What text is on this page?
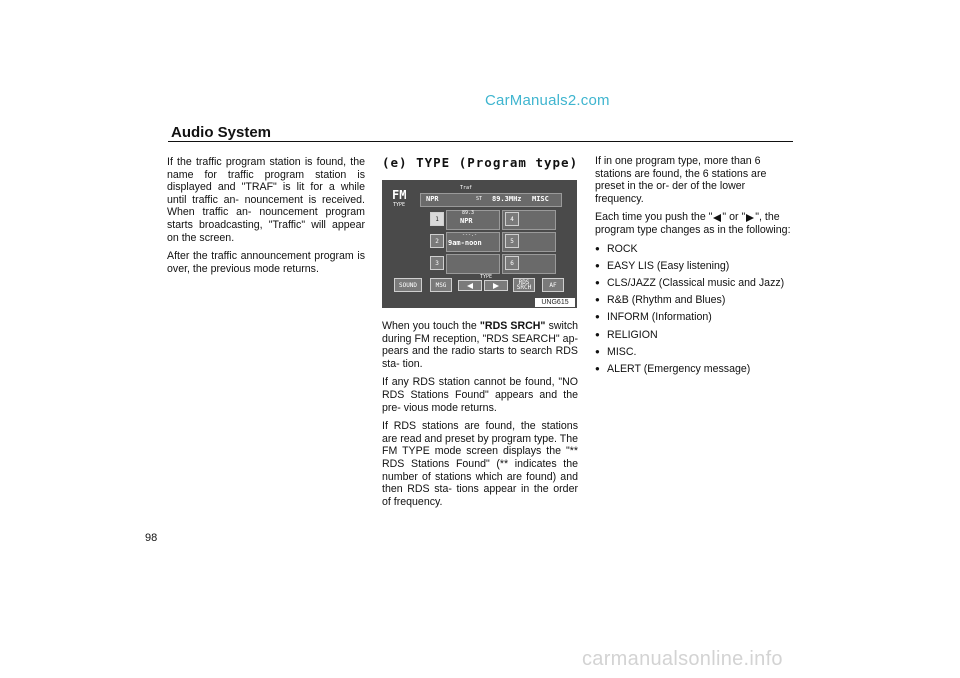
CarManuals2.com
Audio System

If the traffic program station is found, the name for traffic program station is displayed and "TRAF" is lit for a while until traffic an- nouncement is received. When traffic an- nouncement program starts broadcasting, "Traffic" will appear on the screen.

After the traffic announcement program is over, the previous mode returns.

(e) TYPE (Program type)
FM
TYPE
Traf
NPR	ST 89.3MHz MISC
1
2
3
89.3
NPR
---.-
9am-noon
4
5
6
TYPE
SOUND	MSG	RDS
SRCH	AF
UNG615

When you touch the "RDS SRCH" switch during FM reception, "RDS SEARCH" ap- pears and the radio starts to search RDS sta- tion.

If any RDS station cannot be found, "NO RDS Stations Found" appears and the pre- vious mode returns.

If RDS stations are found, the stations are read and preset by program type. The FM TYPE mode screen displays the "** RDS Stations Found" (** indicates the number of stations which are found) and then RDS sta- tions appear in the order of frequency.

If in one program type, more than 6 stations are found, the 6 stations are preset in the or- der of the lower frequency.

Each time you push the " " or " ", the program type changes as in the following:

● ROCK
● EASY LIS (Easy listening)
● CLS/JAZZ (Classical music and Jazz)
● R&B (Rhythm and Blues)
● INFORM (Information)
● RELIGION
● MISC.
● ALERT (Emergency message)
98
carmanualsonline.info
